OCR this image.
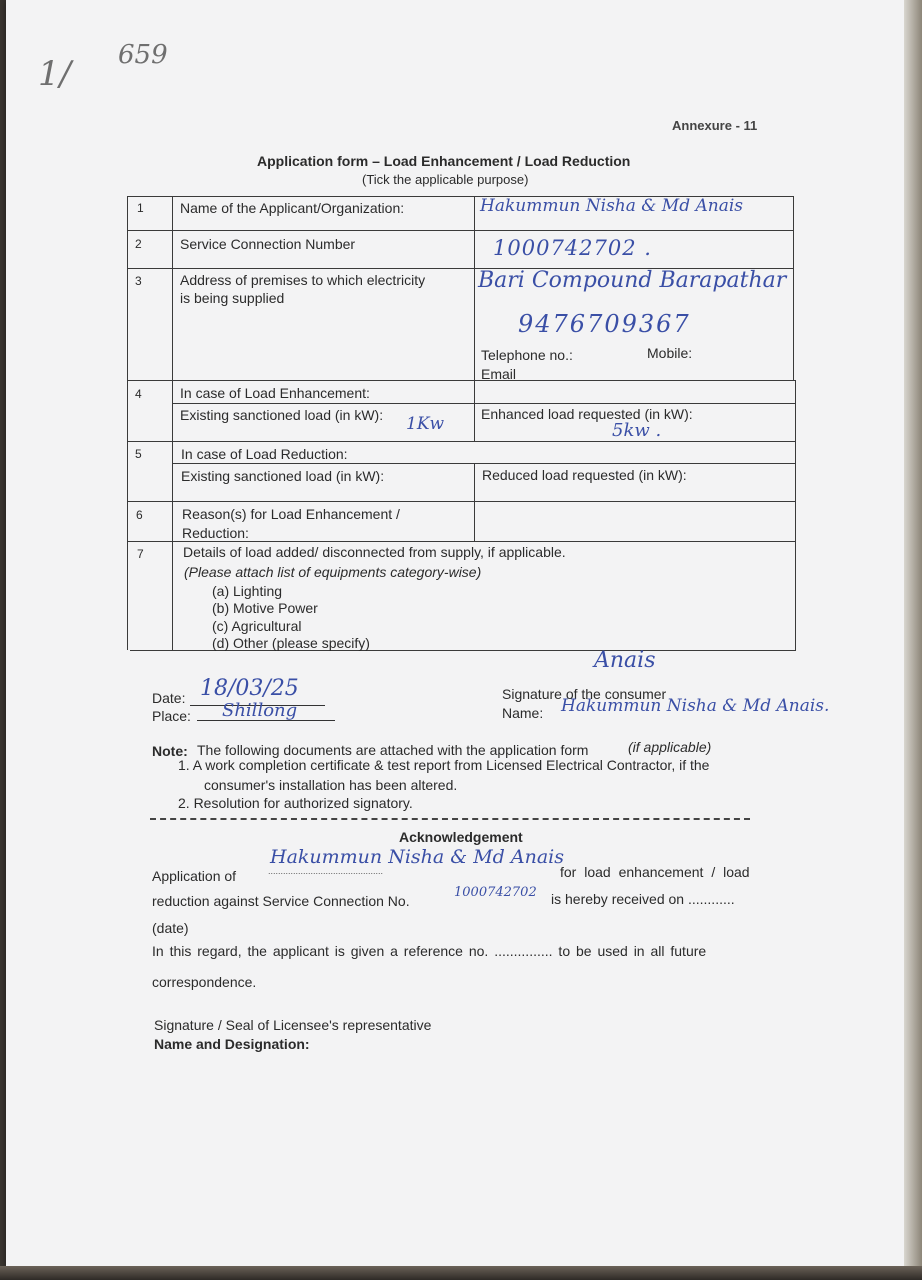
1/ 659
Annexure - 11
Application form – Load Enhancement / Load Reduction
(Tick the applicable purpose)
1	Name of the Applicant/Organization:	Hakummun Nisha & Md Anais
2	Service Connection Number	1000742702 .
3	Address of premises to which electricity
is being supplied
Bari Compound Barapathar
9476709367
Telephone no.:	Mobile:
Email
4	In case of Load Enhancement:
Existing sanctioned load (in kW): 1Kw	Enhanced load requested (in kW):
5kw .
5	In case of Load Reduction:
Existing sanctioned load (in kW):	Reduced load requested (in kW):
6	Reason(s) for Load Enhancement /
Reduction:
7	Details of load added/ disconnected from supply, if applicable.
(Please attach list of equipments category-wise)
(a) Lighting
(b) Motive Power
(c) Agricultural
(d) Other (please specify)
Date: 18/03/25
Place: Shillong
Anais
Signature of the consumer
Name: Hakummun Nisha & Md Anais.
Note: The following documents are attached with the application form	(if applicable)
1. A work completion certificate & test report from Licensed Electrical Contractor, if the
consumer's installation has been altered.
2. Resolution for authorized signatory.
Acknowledgement
Application of
Hakummun Nisha & Md Anais
..............................................	for load enhancement / load
reduction against Service Connection No.
1000742702 is hereby received on ............
(date)
In this regard, the applicant is given a reference no. ............... to be used in all future
correspondence.
Signature / Seal of Licensee's representative
Name and Designation:
